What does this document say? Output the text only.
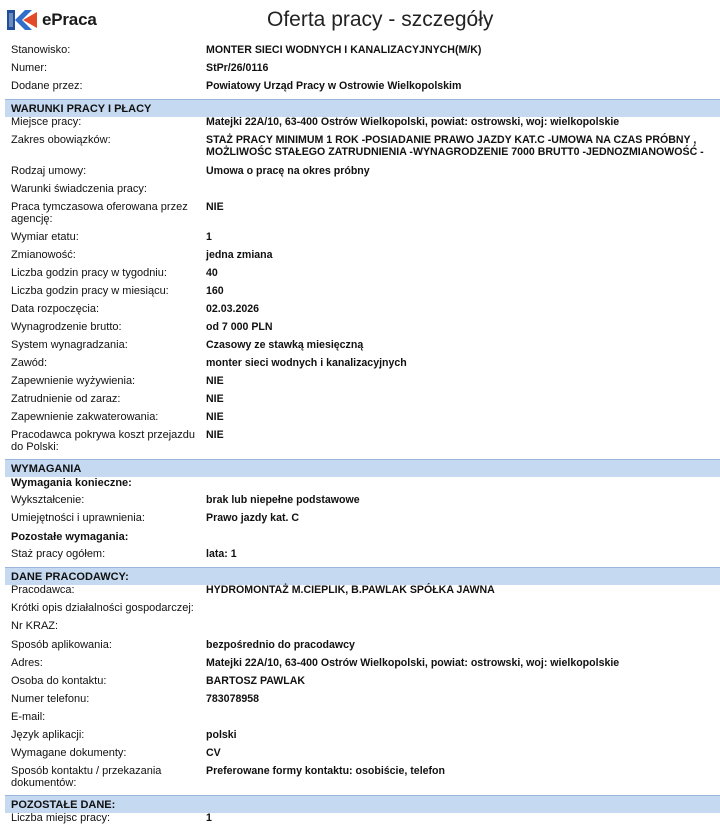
ePraca	Oferta pracy - szczegóły
Stanowisko:	MONTER SIECI WODNYCH I KANALIZACYJNYCH(M/K)
Numer:	StPr/26/0116
Dodane przez:	Powiatowy Urząd Pracy w Ostrowie Wielkopolskim
WARUNKI PRACY I PŁACY
Miejsce pracy:	Matejki 22A/10, 63-400 Ostrów Wielkopolski, powiat: ostrowski, woj: wielkopolskie
Zakres obowiązków:	STAŻ PRACY MINIMUM 1 ROK -POSIADANIE PRAWO JAZDY KAT.C -UMOWA NA CZAS PRÓBNY ,
MOŻLIWOŚC STAŁEGO ZATRUDNIENIA -WYNAGRODZENIE 7000 BRUTT0 -JEDNOZMIANOWOŚĆ -
Rodzaj umowy:	Umowa o pracę na okres próbny
Warunki świadczenia pracy:
Praca tymczasowa oferowana przez
agencję:
NIE
Wymiar etatu:	1
Zmianowość:	jedna zmiana
Liczba godzin pracy w tygodniu:	40
Liczba godzin pracy w miesiącu:	160
Data rozpoczęcia:	02.03.2026
Wynagrodzenie brutto:	od 7 000 PLN
System wynagradzania:	Czasowy ze stawką miesięczną
Zawód:	monter sieci wodnych i kanalizacyjnych
Zapewnienie wyżywienia:	NIE
Zatrudnienie od zaraz:	NIE
Zapewnienie zakwaterowania:	NIE
Pracodawca pokrywa koszt przejazdu
do Polski:
NIE
WYMAGANIA
Wymagania konieczne:
Wykształcenie:	brak lub niepełne podstawowe
Umiejętności i uprawnienia:	Prawo jazdy kat. C
Pozostałe wymagania:
Staż pracy ogółem:	lata: 1
DANE PRACODAWCY:
Pracodawca:	HYDROMONTAŻ M.CIEPLIK, B.PAWLAK SPÓŁKA JAWNA
Krótki opis działalności gospodarczej:
Nr KRAZ:
Sposób aplikowania:	bezpośrednio do pracodawcy
Adres:	Matejki 22A/10, 63-400 Ostrów Wielkopolski, powiat: ostrowski, woj: wielkopolskie
Osoba do kontaktu:	BARTOSZ PAWLAK
Numer telefonu:	783078958
E-mail:
Język aplikacji:	polski
Wymagane dokumenty:	CV
Sposób kontaktu / przekazania
dokumentów:
Preferowane formy kontaktu: osobiście, telefon
POZOSTAŁE DANE:
Liczba miejsc pracy:	1
